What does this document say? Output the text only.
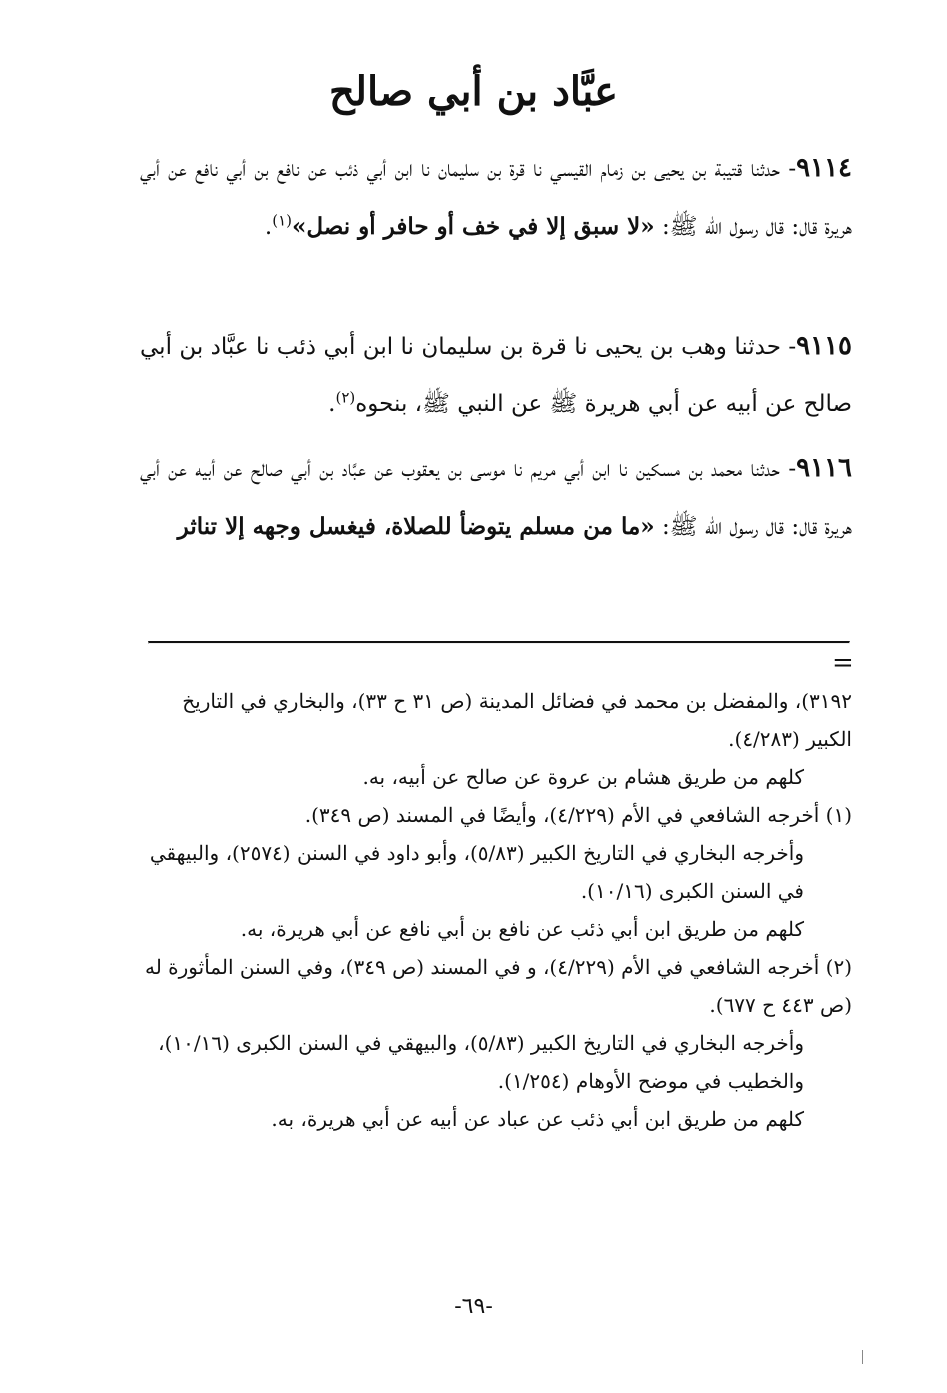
عبَّاد بن أبي صالح
٩١١٤- حدثنا قتيبة بن يحيى بن زمام القيسي نا قرة بن سليمان نا ابن أبي ذئب عن نافع بن أبي نافع عن أبي هريرة قال: قال رسول الله ﷺ: «لا سبق إلا في خف أو حافر أو نصل»$^{(١)}$.
٩١١٥- حدثنا وهب بن يحيى نا قرة بن سليمان نا ابن أبي ذئب نا عبَّاد بن أبي صالح عن أبيه عن أبي هريرة ﷺ عن النبي ﷺ، بنحوه$^{(٢)}$.
٩١١٦- حدثنا محمد بن مسكين نا ابن أبي مريم نا موسى بن يعقوب عن عبَّاد بن أبي صالح عن أبيه عن أبي هريرة قال: قال رسول الله ﷺ: «ما من مسلم يتوضأ للصلاة، فيغسل وجهه إلا تناثر
=

٣١٩٢)، والمفضل بن محمد في فضائل المدينة (ص ٣١ ح ٣٣)، والبخاري في التاريخ الكبير (٤/٢٨٣).

كلهم من طريق هشام بن عروة عن صالح عن أبيه، به.

(١) أخرجه الشافعي في الأم (٤/٢٢٩)، وأيضًا في المسند (ص ٣٤٩).

وأخرجه البخاري في التاريخ الكبير (٥/٨٣)، وأبو داود في السنن (٢٥٧٤)، والبيهقي في السنن الكبرى (١٠/١٦).

كلهم من طريق ابن أبي ذئب عن نافع بن أبي نافع عن أبي هريرة، به.

(٢) أخرجه الشافعي في الأم (٤/٢٢٩)، و في المسند (ص ٣٤٩)، وفي السنن المأثورة له (ص ٤٤٣ ح ٦٧٧).

وأخرجه البخاري في التاريخ الكبير (٥/٨٣)، والبيهقي في السنن الكبرى (١٠/١٦)، والخطيب في موضح الأوهام (١/٢٥٤).

كلهم من طريق ابن أبي ذئب عن عباد عن أبيه عن أبي هريرة، به.

-٦٩-
